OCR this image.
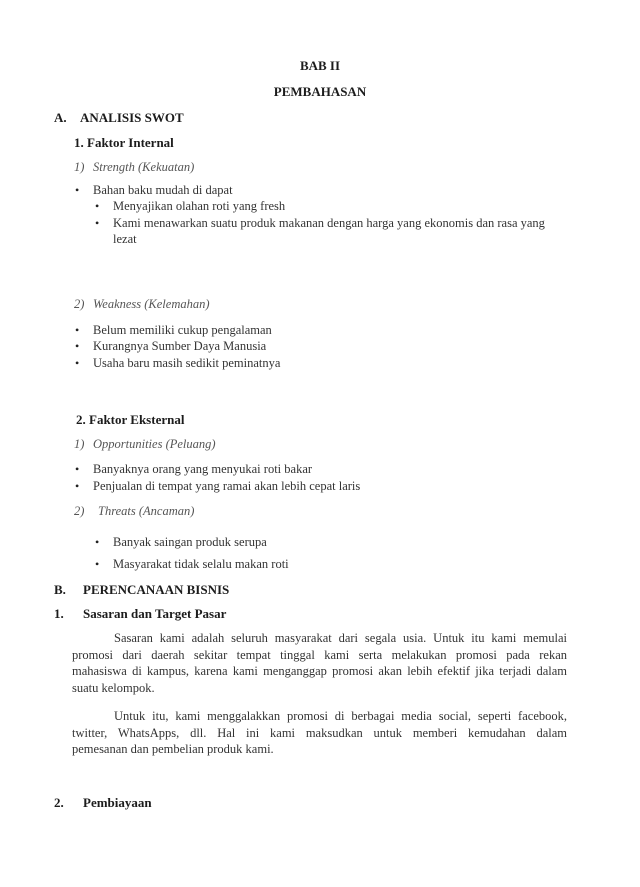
BAB II
PEMBAHASAN
A. ANALISIS SWOT
1. Faktor Internal
1) Strength (Kekuatan)
• Bahan baku mudah di dapat
• Menyajikan olahan roti yang fresh
• Kami menawarkan suatu produk makanan dengan harga yang ekonomis dan rasa yang
lezat
2) Weakness (Kelemahan)
• Belum memiliki cukup pengalaman
• Kurangnya Sumber Daya Manusia
• Usaha baru masih sedikit peminatnya
2. Faktor Eksternal
1) Opportunities (Peluang)
• Banyaknya orang yang menyukai roti bakar
• Penjualan di tempat yang ramai akan lebih cepat laris
2) Threats (Ancaman)
• Banyak saingan produk serupa
• Masyarakat tidak selalu makan roti
B. PERENCANAAN BISNIS
1. Sasaran dan Target Pasar
Sasaran kami adalah seluruh masyarakat dari segala usia. Untuk itu kami memulai
promosi dari daerah sekitar tempat tinggal kami serta melakukan promosi pada rekan
mahasiswa di kampus, karena kami menganggap promosi akan lebih efektif jika terjadi dalam
suatu kelompok.
Untuk itu, kami menggalakkan promosi di berbagai media social, seperti facebook,
twitter, WhatsApps, dll. Hal ini kami maksudkan untuk memberi kemudahan dalam
pemesanan dan pembelian produk kami.
2. Pembiayaan
